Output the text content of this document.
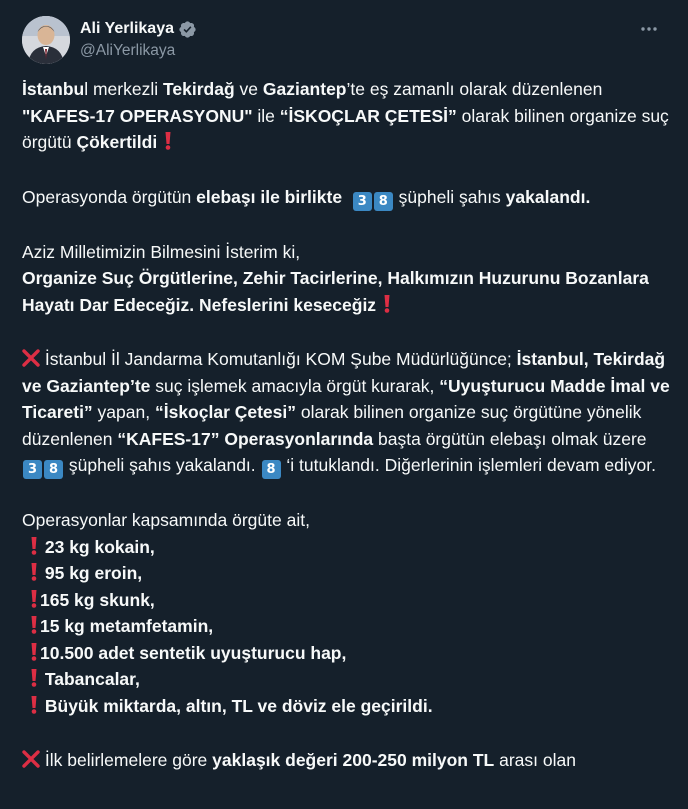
Ali Yerlikaya
@AliYerlikaya

İstanbul merkezli Tekirdağ ve Gaziantep’te eş zamanlı olarak düzenlenen "KAFES-17 OPERASYONU" ile “İSKOÇLAR ÇETESİ” olarak bilinen organize suç örgütü Çökertildi

Operasyonda örgütün elebaşı ile birlikte 3 8 şüpheli şahıs yakalandı.

Aziz Milletimizin Bilmesini İsterim ki,
Organize Suç Örgütlerine, Zehir Tacirlerine, Halkımızın Huzurunu Bozanlara Hayatı Dar Edeceğiz. Nefeslerini keseceğiz

İstanbul İl Jandarma Komutanlığı KOM Şube Müdürlüğünce; İstanbul, Tekirdağ ve Gaziantep’te suç işlemek amacıyla örgüt kurarak, “Uyuşturucu Madde İmal ve Ticareti” yapan, “İskoçlar Çetesi” olarak bilinen organize suç örgütüne yönelik düzenlenen “KAFES-17” Operasyonlarında başta örgütün elebaşı olmak üzere 3 8 şüpheli şahıs yakalandı. 8 ‘i tutuklandı. Diğerlerinin işlemleri devam ediyor.

Operasyonlar kapsamında örgüte ait,
23 kg kokain,
95 kg eroin,
165 kg skunk,
15 kg metamfetamin,
10.500 adet sentetik uyuşturucu hap,
Tabancalar,
Büyük miktarda, altın, TL ve döviz ele geçirildi.

İlk belirlemelere göre yaklaşık değeri 200-250 milyon TL arası olan
